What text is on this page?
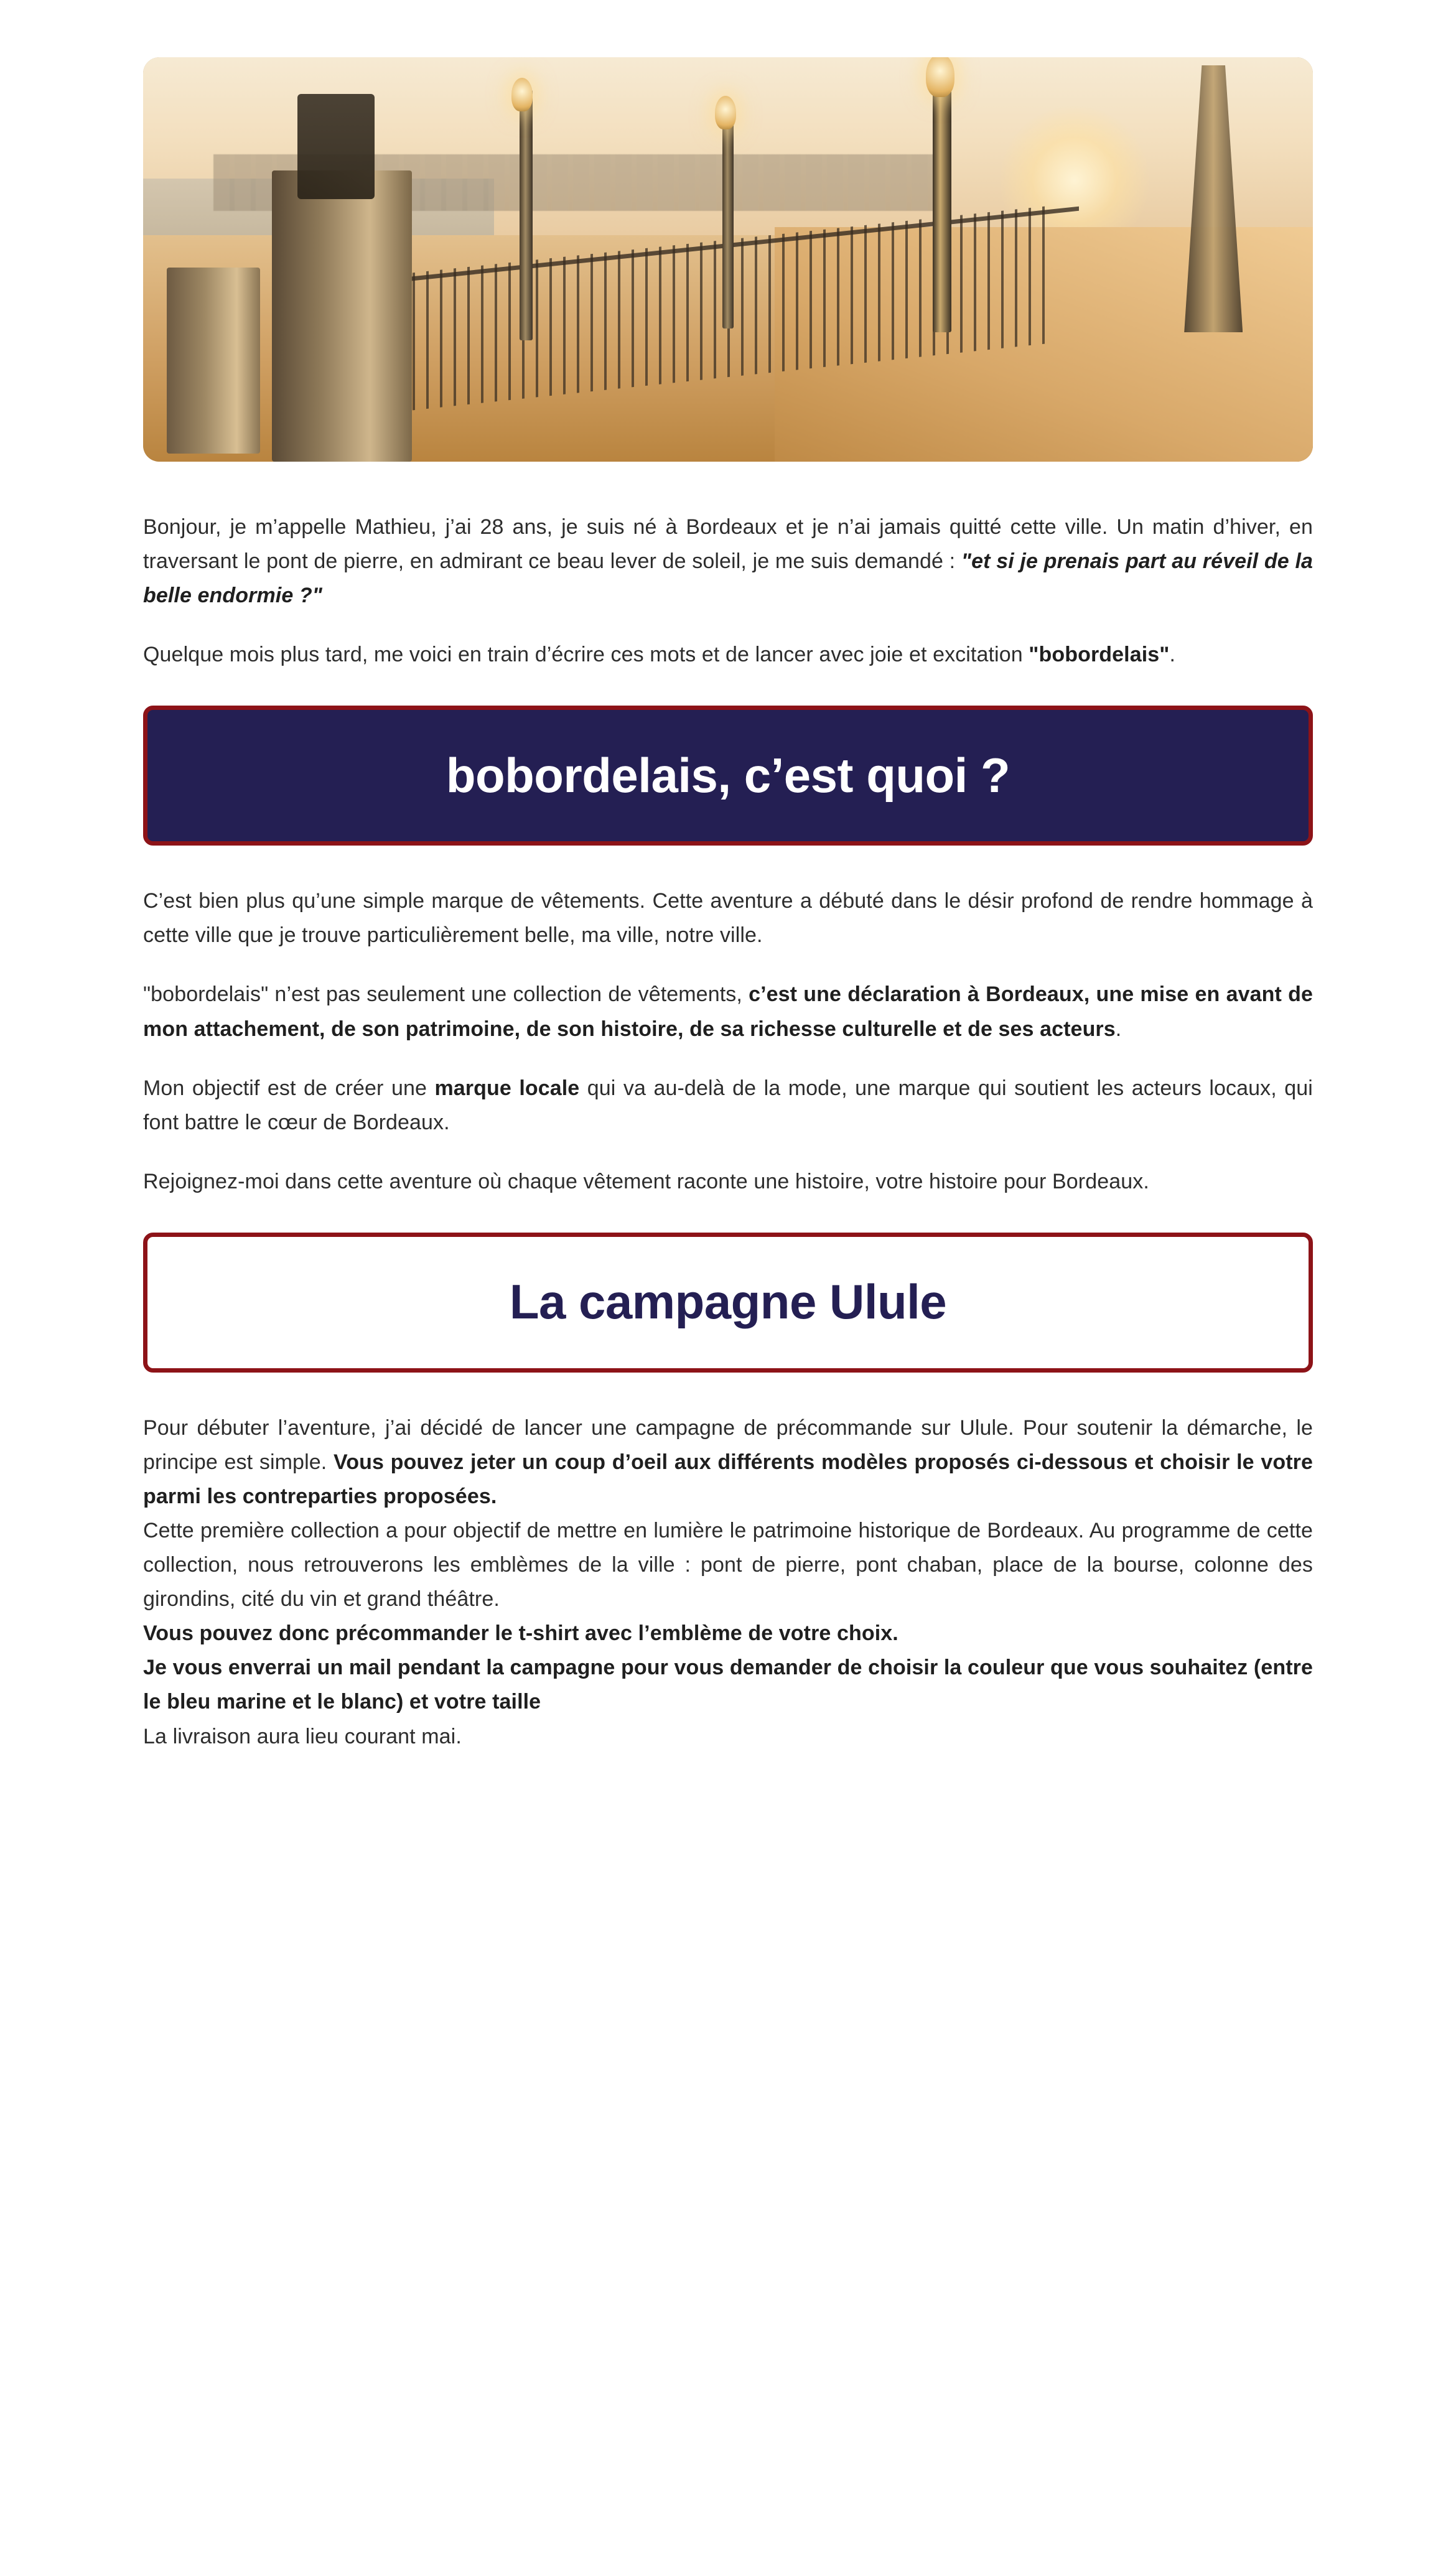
Bonjour, je m’appelle Mathieu, j’ai 28 ans, je suis né à Bordeaux et je n’ai jamais quitté cette ville. Un matin d’hiver, en traversant le pont de pierre, en admirant ce beau lever de soleil, je me suis demandé : "et si je prenais part au réveil de la belle endormie ?"

Quelque mois plus tard, me voici en train d’écrire ces mots et de lancer avec joie et excitation "bobordelais".

bobordelais, c’est quoi ?

C’est bien plus qu’une simple marque de vêtements. Cette aventure a débuté dans le désir profond de rendre hommage à cette ville que je trouve particulièrement belle, ma ville, notre ville.

"bobordelais" n’est pas seulement une collection de vêtements, c’est une déclaration à Bordeaux, une mise en avant de mon attachement, de son patrimoine, de son histoire, de sa richesse culturelle et de ses acteurs.

Mon objectif est de créer une marque locale qui va au-delà de la mode, une marque qui soutient les acteurs locaux, qui font battre le cœur de Bordeaux.

Rejoignez-moi dans cette aventure où chaque vêtement raconte une histoire, votre histoire pour Bordeaux.

La campagne Ulule

Pour débuter l’aventure, j’ai décidé de lancer une campagne de précommande sur Ulule. Pour soutenir la démarche, le principe est simple. Vous pouvez jeter un coup d’oeil aux différents modèles proposés ci-dessous et choisir le votre parmi les contreparties proposées.

Cette première collection a pour objectif de mettre en lumière le patrimoine historique de Bordeaux. Au programme de cette collection, nous retrouverons les emblèmes de la ville : pont de pierre, pont chaban, place de la bourse, colonne des girondins, cité du vin et grand théâtre.

Vous pouvez donc précommander le t-shirt avec l’emblème de votre choix.

Je vous enverrai un mail pendant la campagne pour vous demander de choisir la couleur que vous souhaitez (entre le bleu marine et le blanc) et votre taille

La livraison aura lieu courant mai.
